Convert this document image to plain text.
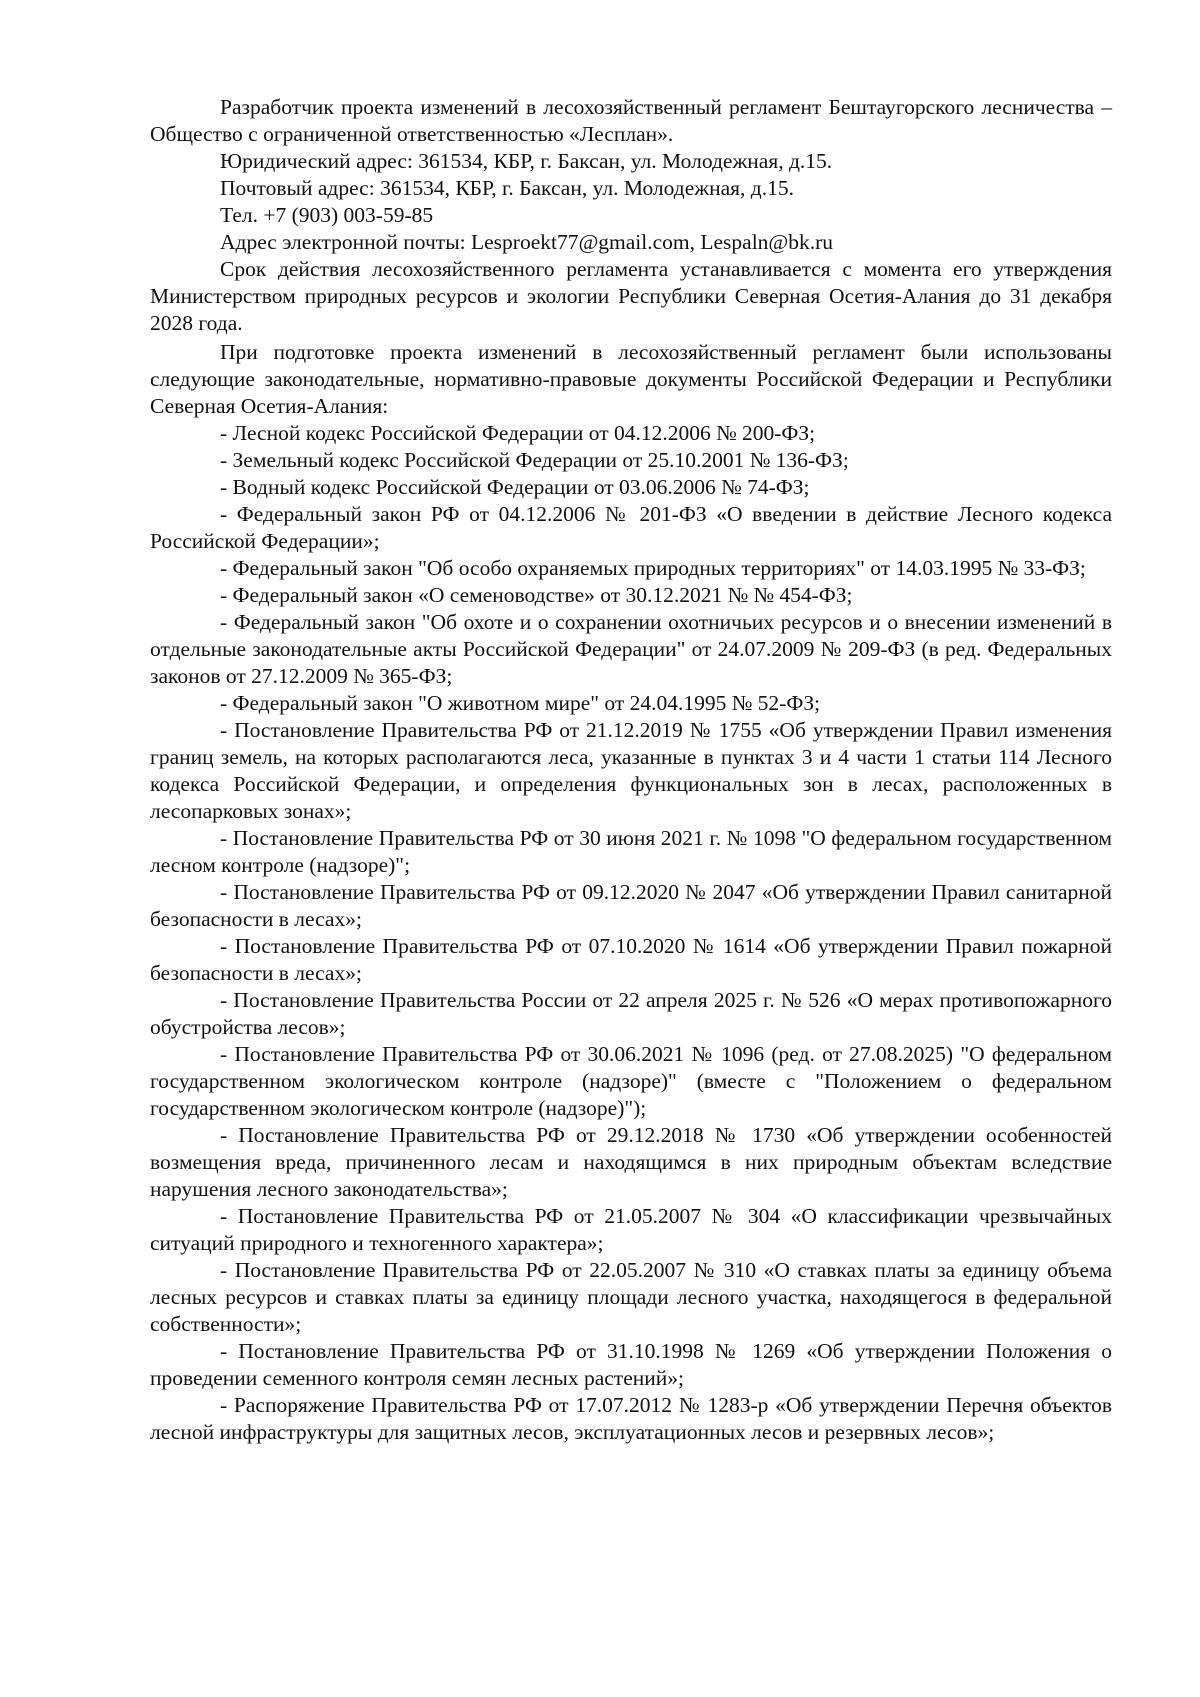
Разработчик проекта изменений в лесохозяйственный регламент Бештаугорского лесничества – Общество с ограниченной ответственностью «Лесплан».

Юридический адрес: 361534, КБР, г. Баксан, ул. Молодежная, д.15.

Почтовый адрес: 361534, КБР, г. Баксан, ул. Молодежная, д.15.

Тел. +7 (903) 003-59-85

Адрес электронной почты: Lesproekt77@gmail.com, Lespaln@bk.ru

Срок действия лесохозяйственного регламента устанавливается с момента его утверждения Министерством природных ресурсов и экологии Республики Северная Осетия-Алания до 31 декабря 2028 года.

При подготовке проекта изменений в лесохозяйственный регламент были использованы следующие законодательные, нормативно-правовые документы Российской Федерации и Республики Северная Осетия-Алания:

- Лесной кодекс Российской Федерации от 04.12.2006 № 200-ФЗ;

- Земельный кодекс Российской Федерации от 25.10.2001 № 136-ФЗ;

- Водный кодекс Российской Федерации от 03.06.2006 № 74-ФЗ;

- Федеральный закон РФ от 04.12.2006 № 201-ФЗ «О введении в действие Лесного кодекса Российской Федерации»;

- Федеральный закон "Об особо охраняемых природных территориях" от 14.03.1995 № 33-ФЗ;

- Федеральный закон «О семеноводстве» от 30.12.2021 № № 454-ФЗ;

- Федеральный закон "Об охоте и о сохранении охотничьих ресурсов и о внесении изменений в отдельные законодательные акты Российской Федерации" от 24.07.2009 № 209-ФЗ (в ред. Федеральных законов от 27.12.2009 № 365-ФЗ;

- Федеральный закон "О животном мире" от 24.04.1995 № 52-ФЗ;

- Постановление Правительства РФ от 21.12.2019 № 1755 «Об утверждении Правил изменения границ земель, на которых располагаются леса, указанные в пунктах 3 и 4 части 1 статьи 114 Лесного кодекса Российской Федерации, и определения функциональных зон в лесах, расположенных в лесопарковых зонах»;

- Постановление Правительства РФ от 30 июня 2021 г. № 1098 "О федеральном государственном лесном контроле (надзоре)";

- Постановление Правительства РФ от 09.12.2020 № 2047 «Об утверждении Правил санитарной безопасности в лесах»;

- Постановление Правительства РФ от 07.10.2020 № 1614 «Об утверждении Правил пожарной безопасности в лесах»;

- Постановление Правительства России от 22 апреля 2025 г. № 526 «О мерах противопожарного обустройства лесов»;

- Постановление Правительства РФ от 30.06.2021 № 1096 (ред. от 27.08.2025) "О федеральном государственном экологическом контроле (надзоре)" (вместе с "Положением о федеральном государственном экологическом контроле (надзоре)");

- Постановление Правительства РФ от 29.12.2018 № 1730 «Об утверждении особенностей возмещения вреда, причиненного лесам и находящимся в них природным объектам вследствие нарушения лесного законодательства»;

- Постановление Правительства РФ от 21.05.2007 № 304 «О классификации чрезвычайных ситуаций природного и техногенного характера»;

- Постановление Правительства РФ от 22.05.2007 № 310 «О ставках платы за единицу объема лесных ресурсов и ставках платы за единицу площади лесного участка, находящегося в федеральной собственности»;

- Постановление Правительства РФ от 31.10.1998 № 1269 «Об утверждении Положения о проведении семенного контроля семян лесных растений»;

- Распоряжение Правительства РФ от 17.07.2012 № 1283-р «Об утверждении Перечня объектов лесной инфраструктуры для защитных лесов, эксплуатационных лесов и резервных лесов»;
